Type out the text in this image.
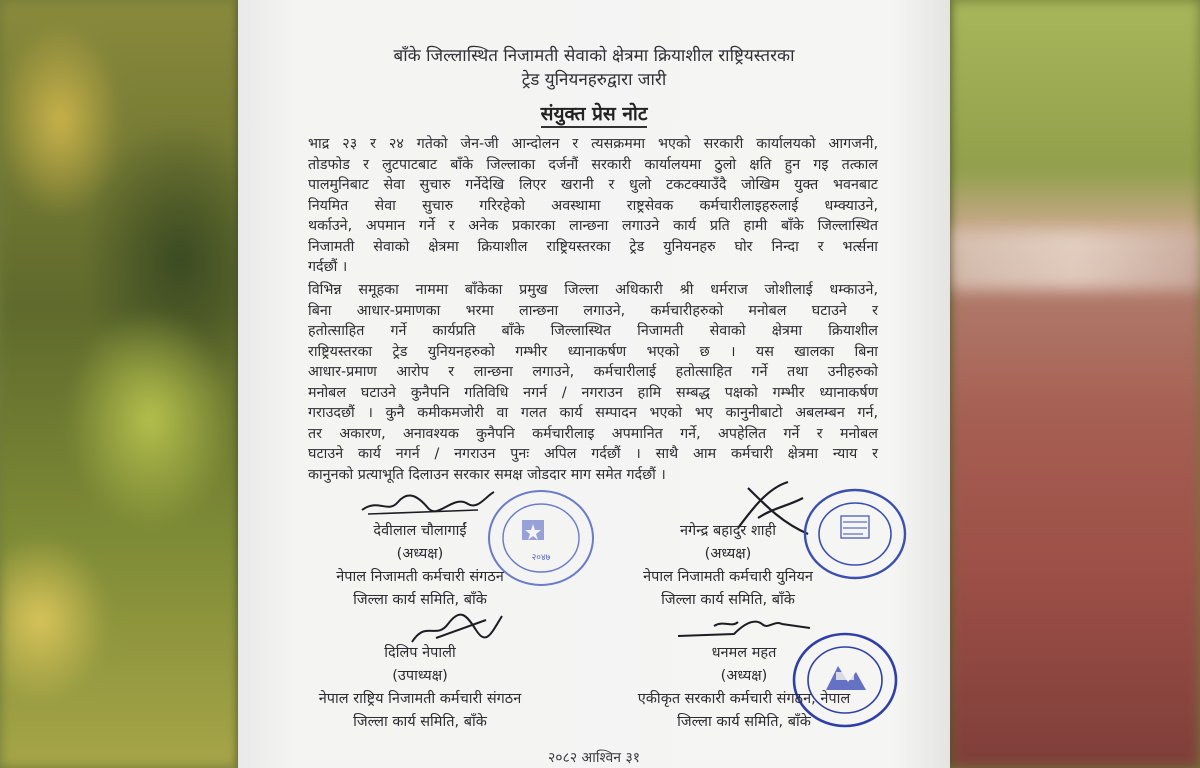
बाँके जिल्लास्थित निजामती सेवाको क्षेत्रमा क्रियाशील राष्ट्रियस्तरका
ट्रेड युनियनहरुद्वारा जारी
संयुक्त प्रेस नोट

भाद्र २३ र २४ गतेको जेन-जी आन्दोलन र त्यसक्रममा भएको सरकारी कार्यालयको आगजनी,

तोडफोड र लुटपाटबाट बाँके जिल्लाका दर्जनौं सरकारी कार्यालयमा ठुलो क्षति हुन गइ तत्काल

पालमुनिबाट सेवा सुचारु गर्नेदेखि लिएर खरानी र धुलो टकटक्याउँदै जोखिम युक्त भवनबाट

नियमित सेवा सुचारु गरिरहेको अवस्थामा राष्ट्रसेवक कर्मचारीलाइहरुलाई धम्क्याउने,

थर्काउने, अपमान गर्ने र अनेक प्रकारका लान्छना लगाउने कार्य प्रति हामी बाँके जिल्लास्थित

निजामती सेवाको क्षेत्रमा क्रियाशील राष्ट्रियस्तरका ट्रेड युनियनहरु घोर निन्दा र भर्त्सना

गर्दछौं ।

विभिन्न समूहका नाममा बाँकेका प्रमुख जिल्ला अधिकारी श्री धर्मराज जोशीलाई धम्काउने,

बिना आधार-प्रमाणका भरमा लान्छना लगाउने, कर्मचारीहरुको मनोबल घटाउने र

हतोत्साहित गर्ने कार्यप्रति बाँके जिल्लास्थित निजामती सेवाको क्षेत्रमा क्रियाशील

राष्ट्रियस्तरका ट्रेड युनियनहरुको गम्भीर ध्यानाकर्षण भएको छ । यस खालका बिना

आधार-प्रमाण आरोप र लान्छना लगाउने, कर्मचारीलाई हतोत्साहित गर्ने तथा उनीहरुको

मनोबल घटाउने कुनैपनि गतिविधि नगर्न / नगराउन हामि सम्बद्ध पक्षको गम्भीर ध्यानाकर्षण

गराउदछौं । कुनै कमीकमजोरी वा गलत कार्य सम्पादन भएको भए कानुनीबाटो अबलम्बन गर्न,

तर अकारण, अनावश्यक कुनैपनि कर्मचारीलाइ अपमानित गर्ने, अपहेलित गर्ने र मनोबल

घटाउने कार्य नगर्न / नगराउन पुनः अपिल गर्दछौं । साथै आम कर्मचारी क्षेत्रमा न्याय र

कानुनको प्रत्याभूति दिलाउन सरकार समक्ष जोडदार माग समेत गर्दछौं ।

२०४७
देवीलाल चौलागाईं
(अध्यक्ष)
नेपाल निजामती कर्मचारी संगठन
जिल्ला कार्य समिति, बाँके
नगेन्द्र बहादुर शाही
(अध्यक्ष)
नेपाल निजामती कर्मचारी युनियन
जिल्ला कार्य समिति, बाँके
दिलिप नेपाली
(उपाध्यक्ष)
नेपाल राष्ट्रिय निजामती कर्मचारी संगठन
जिल्ला कार्य समिति, बाँके
धनमल महत
(अध्यक्ष)
एकीकृत सरकारी कर्मचारी संगठन, नेपाल
जिल्ला कार्य समिति, बाँके
२०८२ आश्विन ३१
